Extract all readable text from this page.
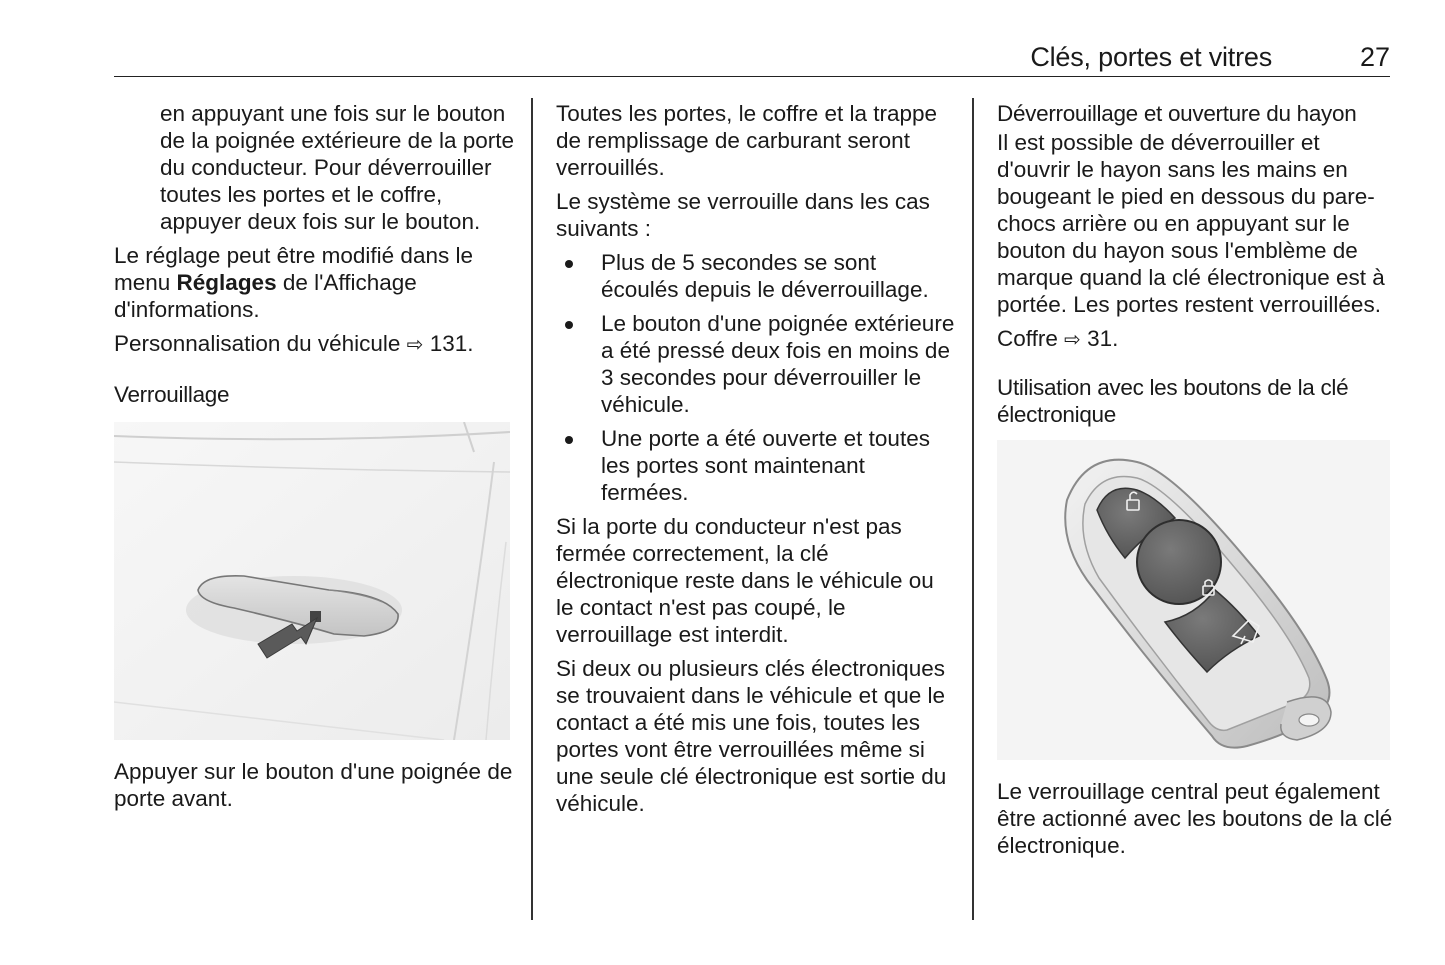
Clés, portes et vitres	27

en appuyant une fois sur le bouton de la poignée extérieure de la porte du conducteur. Pour déverrouiller toutes les portes et le coffre, appuyer deux fois sur le bouton.

Le réglage peut être modifié dans le menu Réglages de l'Affichage d'informations.

Personnalisation du véhicule ⇨ 131.

Verrouillage

Appuyer sur le bouton d'une poignée de porte avant.

Toutes les portes, le coffre et la trappe de remplissage de carburant seront verrouillés.

Le système se verrouille dans les cas suivants :

Plus de 5 secondes se sont écoulés depuis le déverrouillage.
Le bouton d'une poignée extérieure a été pressé deux fois en moins de 3 secondes pour déverrouiller le véhicule.
Une porte a été ouverte et toutes les portes sont maintenant fermées.

Si la porte du conducteur n'est pas fermée correctement, la clé électronique reste dans le véhicule ou le contact n'est pas coupé, le verrouillage est interdit.

Si deux ou plusieurs clés électroniques se trouvaient dans le véhicule et que le contact a été mis une fois, toutes les portes vont être verrouillées même si une seule clé électronique est sortie du véhicule.

Déverrouillage et ouverture du hayon

Il est possible de déverrouiller et d'ouvrir le hayon sans les mains en bougeant le pied en dessous du pare-chocs arrière ou en appuyant sur le bouton du hayon sous l'emblème de marque quand la clé électronique est à portée. Les portes restent verrouillées.

Coffre ⇨ 31.

Utilisation avec les boutons de la clé électronique

Le verrouillage central peut également être actionné avec les boutons de la clé électronique.
